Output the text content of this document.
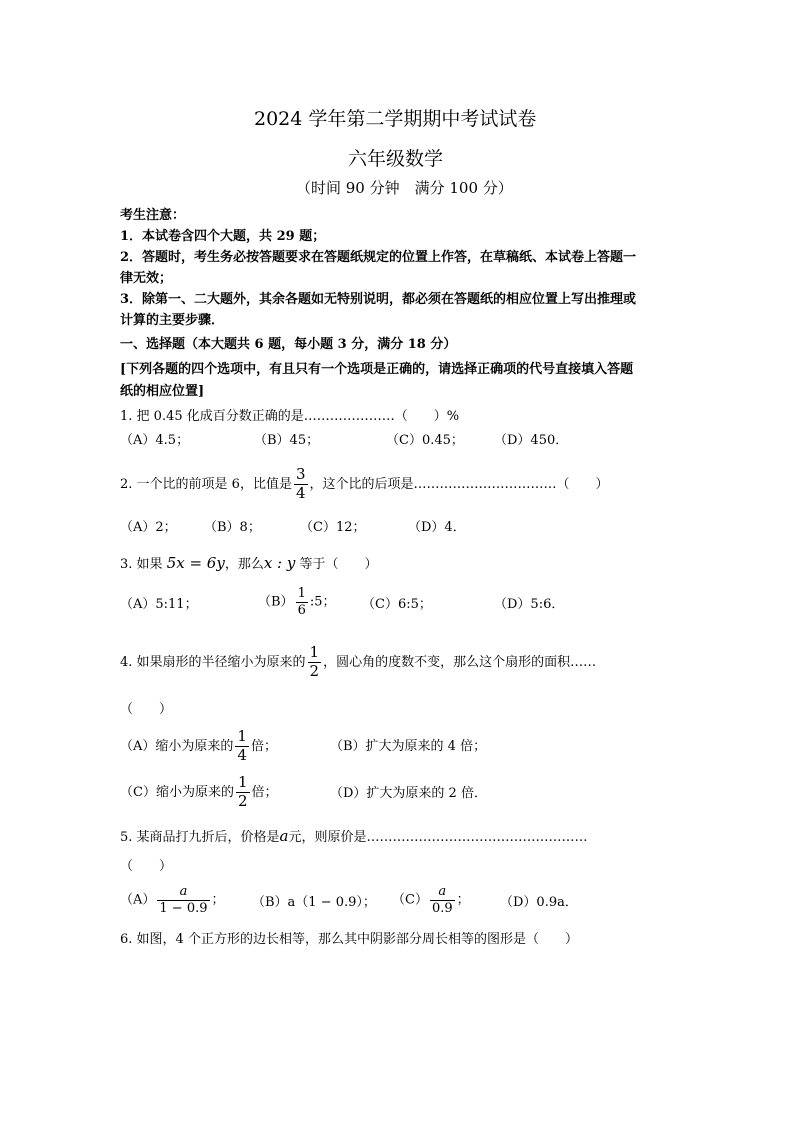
2024 学年第二学期期中考试试卷
六年级数学
（时间 90 分钟　满分 100 分）
考生注意：
1．本试卷含四个大题，共 29 题；
2．答题时，考生务必按答题要求在答题纸规定的位置上作答，在草稿纸、本试卷上答题一
律无效；
3．除第一、二大题外，其余各题如无特别说明，都必须在答题纸的相应位置上写出推理或
计算的主要步骤．
一、选择题（本大题共 6 题，每小题 3 分，满分 18 分）
[下列各题的四个选项中，有且只有一个选项是正确的，请选择正确项的代号直接填入答题
纸的相应位置]
1. 把 0.45 化成百分数正确的是…………………（　　）%
（A）4.5；	（B）45；	（C）0.45； （D）450．
2. 一个比的前项是 6，比值是 $\frac{3}{4}$ ，这个比的后项是……………………………（　　）
（A）2； （B）8；	（C）12；	（D）4．
3. 如果 5x = 6y，那么x : y 等于（　　）
（A）5:11；	$(B) \frac{1}{6}$ :5； （C）6:5；	（D）5:6．
4. 如果扇形的半径缩小为原来的 $\frac{1}{2}$ ，圆心角的度数不变，那么这个扇形的面积……
（　　）
（A）缩小为原来的 $\frac{1}{4}$ 倍；	（B）扩大为原来的 4 倍；
（C）缩小为原来的 $\frac{1}{2}$ 倍；	（D）扩大为原来的 2 倍．
5. 某商品打九折后，价格是a元，则原价是……………………………………………
（　　）
$(A) \frac{a}{1 - 0.9}$ ； （B）a（1 − 0.9）； $(C) \frac{a}{0.9}$ ； （D）0.9a．
6. 如图，4 个正方形的边长相等，那么其中阴影部分周长相等的图形是（　　）
